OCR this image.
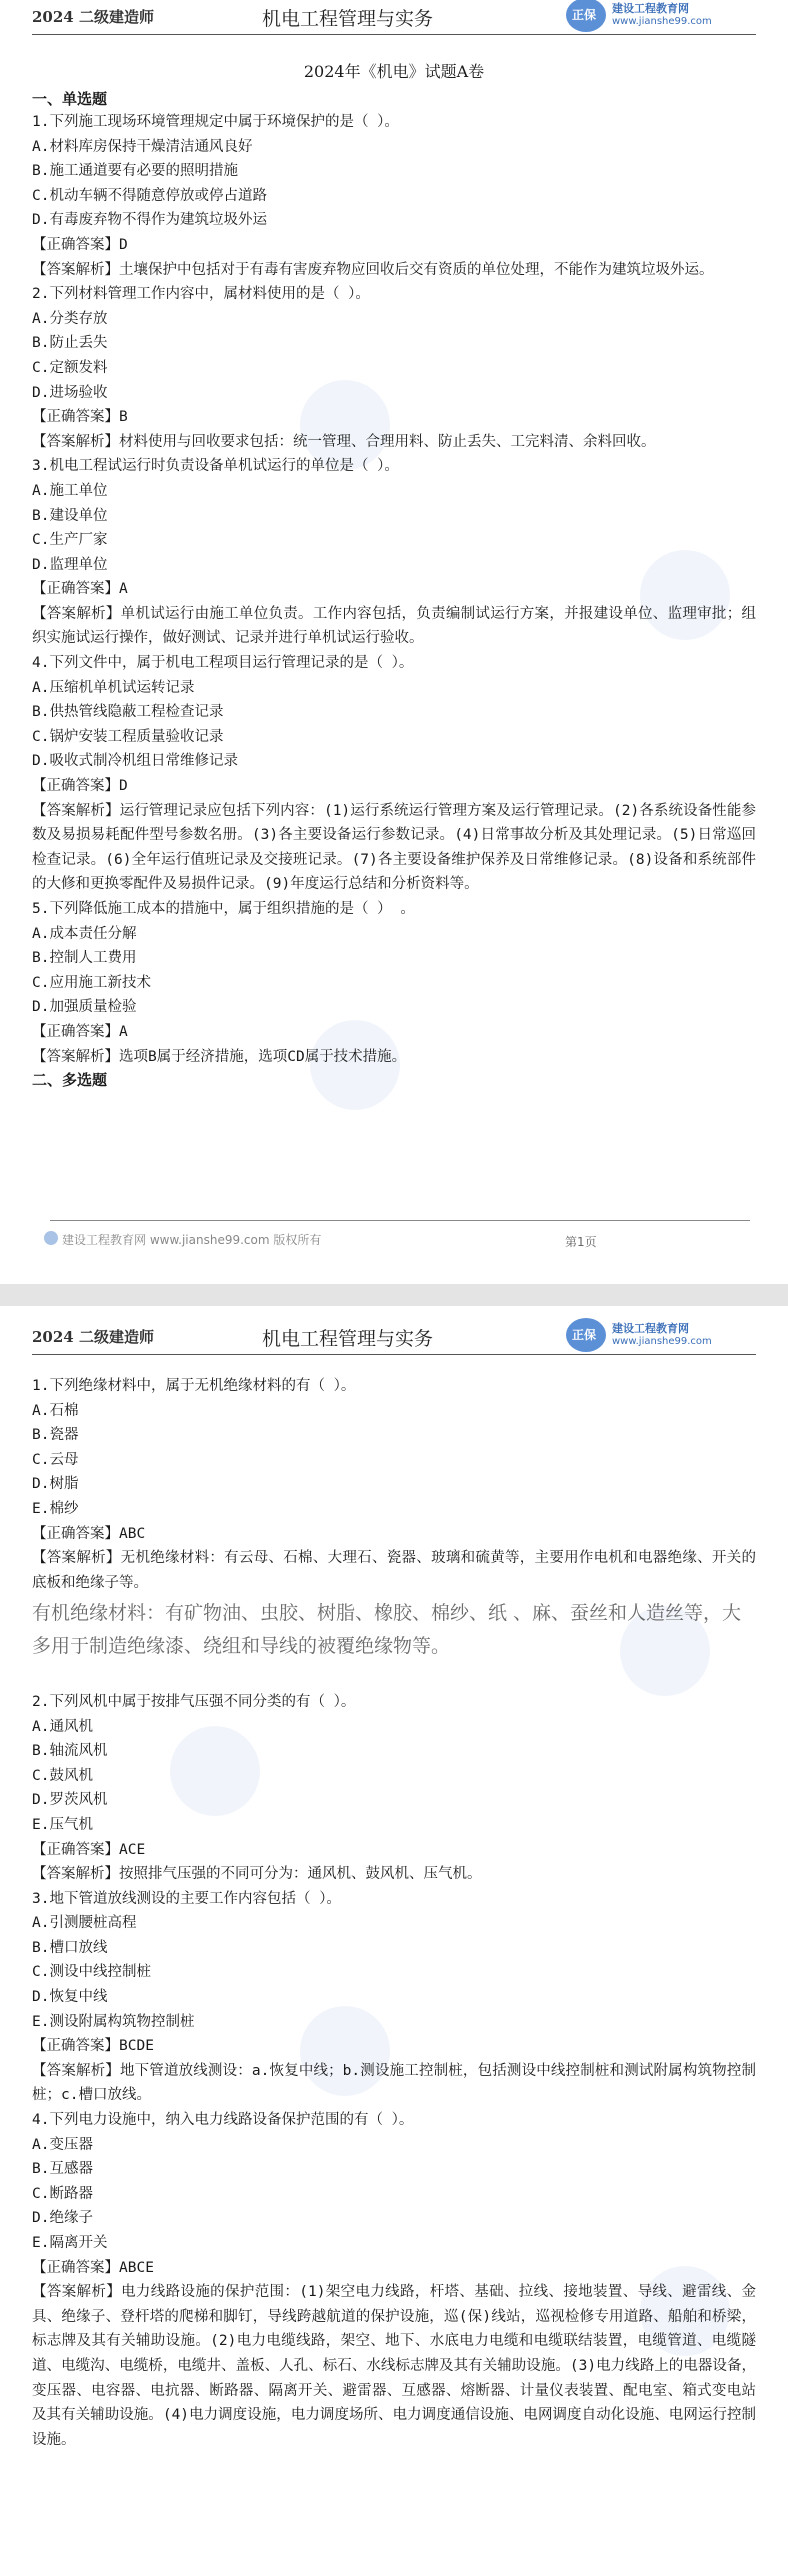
2024 二级建造师	机电工程管理与实务	正保 建设工程教育网
www.jianshe99.com
2024年《机电》试题A卷
一、单选题
1.下列施工现场环境管理规定中属于环境保护的是（ ）。
A.材料库房保持干燥清洁通风良好
B.施工通道要有必要的照明措施
C.机动车辆不得随意停放或停占道路
D.有毒废弃物不得作为建筑垃圾外运
【正确答案】D
【答案解析】土壤保护中包括对于有毒有害废弃物应回收后交有资质的单位处理，不能作为建筑垃圾外运。
2.下列材料管理工作内容中，属材料使用的是（ ）。
A.分类存放
B.防止丢失
C.定额发料
D.进场验收
【正确答案】B
【答案解析】材料使用与回收要求包括：统一管理、合理用料、防止丢失、工完料清、余料回收。
3.机电工程试运行时负责设备单机试运行的单位是（ ）。
A.施工单位
B.建设单位
C.生产厂家
D.监理单位
【正确答案】A
【答案解析】单机试运行由施工单位负责。工作内容包括，负责编制试运行方案，并报建设单位、监理审批；组织实施试运行操作，做好测试、记录并进行单机试运行验收。
4.下列文件中，属于机电工程项目运行管理记录的是（ ）。
A.压缩机单机试运转记录
B.供热管线隐蔽工程检查记录
C.锅炉安装工程质量验收记录
D.吸收式制冷机组日常维修记录
【正确答案】D
【答案解析】运行管理记录应包括下列内容：(1)运行系统运行管理方案及运行管理记录。(2)各系统设备性能参数及易损易耗配件型号参数名册。(3)各主要设备运行参数记录。(4)日常事故分析及其处理记录。(5)日常巡回检查记录。(6)全年运行值班记录及交接班记录。(7)各主要设备维护保养及日常维修记录。(8)设备和系统部件的大修和更换零配件及易损件记录。(9)年度运行总结和分析资料等。
5.下列降低施工成本的措施中，属于组织措施的是（ ） 。
A.成本责任分解
B.控制人工费用
C.应用施工新技术
D.加强质量检验
【正确答案】A
【答案解析】选项B属于经济措施，选项CD属于技术措施。
二、多选题
建设工程教育网 www.jianshe99.com 版权所有	第1页
2024 二级建造师	机电工程管理与实务	正保 建设工程教育网
www.jianshe99.com
1.下列绝缘材料中，属于无机绝缘材料的有（ ）。
A.石棉
B.瓷器
C.云母
D.树脂
E.棉纱
【正确答案】ABC
【答案解析】无机绝缘材料：有云母、石棉、大理石、瓷器、玻璃和硫黄等，主要用作电机和电器绝缘、开关的底板和绝缘子等。
有机绝缘材料：有矿物油、虫胶、树脂、橡胶、棉纱、纸 、麻、蚕丝和人造丝等，大多用于制造绝缘漆、绕组和导线的被覆绝缘物等。
2.下列风机中属于按排气压强不同分类的有（ ）。
A.通风机
B.轴流风机
C.鼓风机
D.罗茨风机
E.压气机
【正确答案】ACE
【答案解析】按照排气压强的不同可分为：通风机、鼓风机、压气机。
3.地下管道放线测设的主要工作内容包括（ ）。
A.引测腰桩高程
B.槽口放线
C.测设中线控制桩
D.恢复中线
E.测设附属构筑物控制桩
【正确答案】BCDE
【答案解析】地下管道放线测设：a.恢复中线；b.测设施工控制桩，包括测设中线控制桩和测试附属构筑物控制桩；c.槽口放线。
4.下列电力设施中，纳入电力线路设备保护范围的有（ ）。
A.变压器
B.互感器
C.断路器
D.绝缘子
E.隔离开关
【正确答案】ABCE
【答案解析】电力线路设施的保护范围：(1)架空电力线路，杆塔、基础、拉线、接地装置、导线、避雷线、金具、绝缘子、登杆塔的爬梯和脚钉，导线跨越航道的保护设施，巡(保)线站，巡视检修专用道路、船舶和桥梁，标志牌及其有关辅助设施。(2)电力电缆线路，架空、地下、水底电力电缆和电缆联结装置，电缆管道、电缆隧道、电缆沟、电缆桥，电缆井、盖板、人孔、标石、水线标志牌及其有关辅助设施。(3)电力线路上的电器设备，变压器、电容器、电抗器、断路器、隔离开关、避雷器、互感器、熔断器、计量仪表装置、配电室、箱式变电站及其有关辅助设施。(4)电力调度设施，电力调度场所、电力调度通信设施、电网调度自动化设施、电网运行控制设施。
